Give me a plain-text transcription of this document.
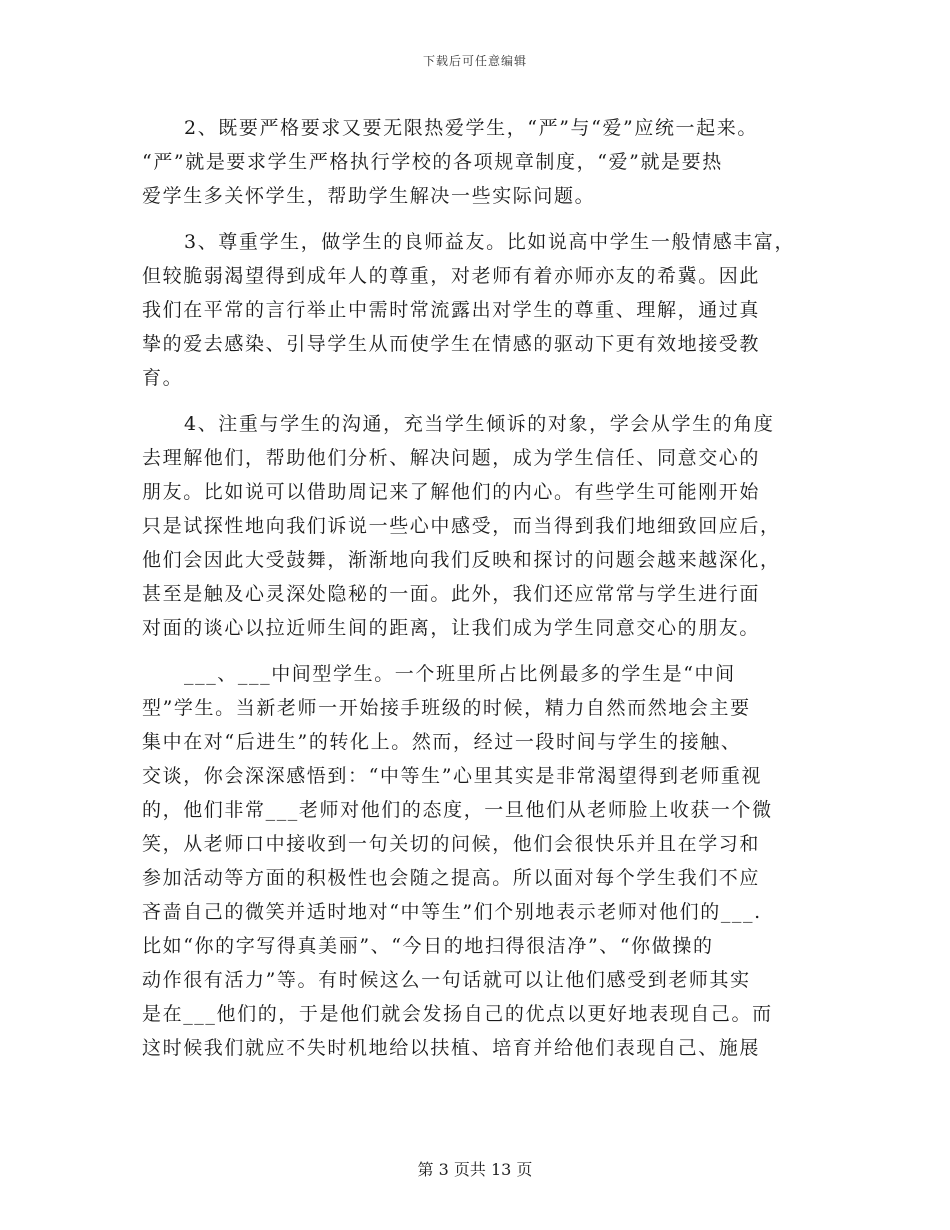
下载后可任意编辑
2、既要严格要求又要无限热爱学生，“严”与“爱”应统一起来。
“严”就是要求学生严格执行学校的各项规章制度，“爱”就是要热
爱学生多关怀学生，帮助学生解决一些实际问题。
3、尊重学生，做学生的良师益友。比如说高中学生一般情感丰富，
但较脆弱渴望得到成年人的尊重，对老师有着亦师亦友的希冀。因此
我们在平常的言行举止中需时常流露出对学生的尊重、理解，通过真
挚的爱去感染、引导学生从而使学生在情感的驱动下更有效地接受教
育。
4、注重与学生的沟通，充当学生倾诉的对象，学会从学生的角度
去理解他们，帮助他们分析、解决问题，成为学生信任、同意交心的
朋友。比如说可以借助周记来了解他们的内心。有些学生可能刚开始
只是试探性地向我们诉说一些心中感受，而当得到我们地细致回应后，
他们会因此大受鼓舞，渐渐地向我们反映和探讨的问题会越来越深化，
甚至是触及心灵深处隐秘的一面。此外，我们还应常常与学生进行面
对面的谈心以拉近师生间的距离，让我们成为学生同意交心的朋友。
___、___中间型学生。一个班里所占比例最多的学生是“中间
型”学生。当新老师一开始接手班级的时候，精力自然而然地会主要
集中在对“后进生”的转化上。然而，经过一段时间与学生的接触、
交谈，你会深深感悟到：“中等生”心里其实是非常渴望得到老师重视
的，他们非常___老师对他们的态度，一旦他们从老师脸上收获一个微
笑，从老师口中接收到一句关切的问候，他们会很快乐并且在学习和
参加活动等方面的积极性也会随之提高。所以面对每个学生我们不应
吝啬自己的微笑并适时地对“中等生”们个别地表示老师对他们的___.
比如“你的字写得真美丽”、“今日的地扫得很洁净”、“你做操的
动作很有活力”等。有时候这么一句话就可以让他们感受到老师其实
是在___他们的，于是他们就会发扬自己的优点以更好地表现自己。而
这时候我们就应不失时机地给以扶植、培育并给他们表现自己、施展
第 3 页共 13 页
